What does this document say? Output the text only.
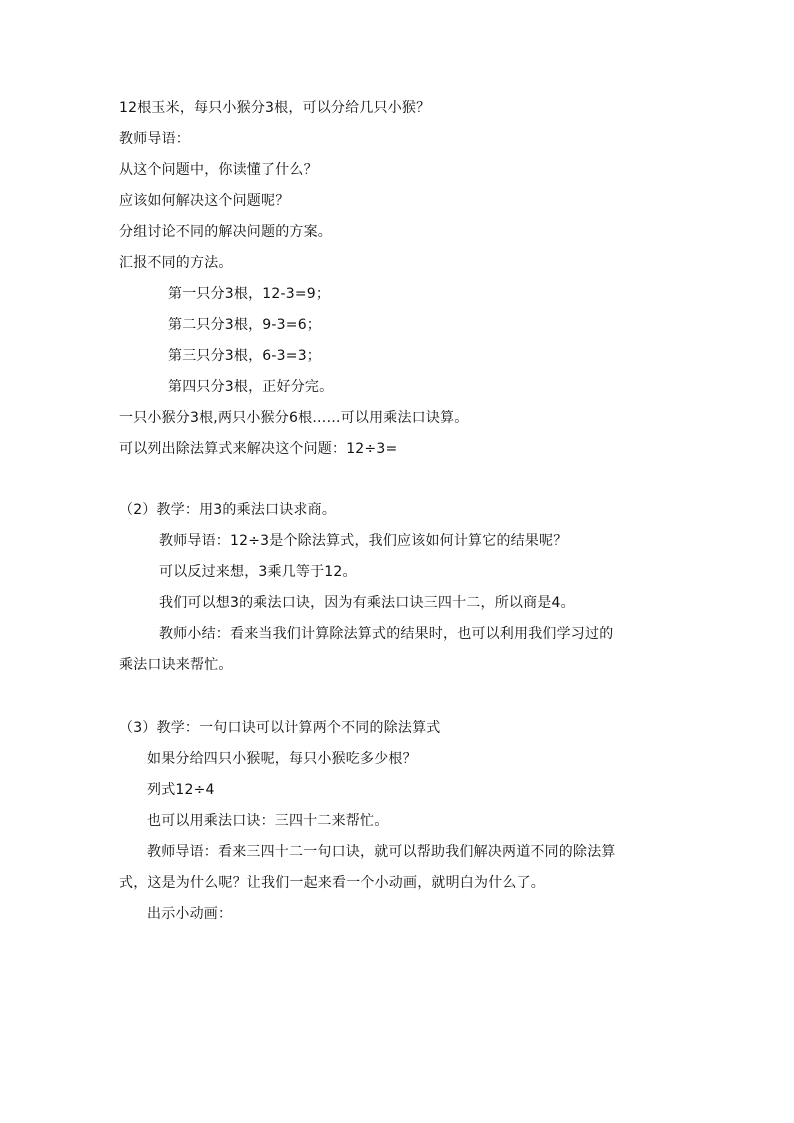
12根玉米，每只小猴分3根，可以分给几只小猴？
教师导语：
从这个问题中，你读懂了什么？
应该如何解决这个问题呢？
分组讨论不同的解决问题的方案。
汇报不同的方法。
第一只分3根，12-3=9；
第二只分3根，9-3=6；
第三只分3根，6-3=3；
第四只分3根，正好分完。
一只小猴分3根,两只小猴分6根……可以用乘法口诀算。
可以列出除法算式来解决这个问题：12÷3=
（2）教学：用3的乘法口诀求商。
教师导语：12÷3是个除法算式，我们应该如何计算它的结果呢？
可以反过来想，3乘几等于12。
我们可以想3的乘法口诀，因为有乘法口诀三四十二，所以商是4。
教师小结：看来当我们计算除法算式的结果时，也可以利用我们学习过的
乘法口诀来帮忙。
（3）教学：一句口诀可以计算两个不同的除法算式
如果分给四只小猴呢，每只小猴吃多少根？
列式12÷4
也可以用乘法口诀：三四十二来帮忙。
教师导语：看来三四十二一句口诀，就可以帮助我们解决两道不同的除法算
式，这是为什么呢？让我们一起来看一个小动画，就明白为什么了。
出示小动画：
